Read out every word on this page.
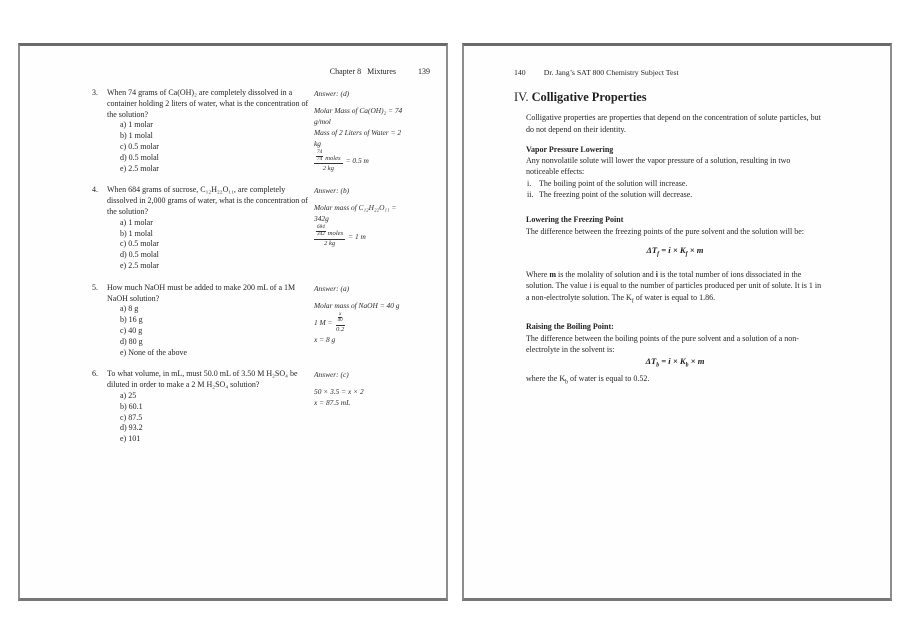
Chapter 8 Mixtures	139
3.	When 74 grams of Ca(OH)₂ are completely dissolved in a container holding 2 liters of water, what is the concentration of the solution?
a) 1 molar
b) 1 molal
c) 0.5 molar
d) 0.5 molal
e) 2.5 molar
Answer: (d)
Molar Mass of Ca(OH)₂ = 74
g/mol
Mass of 2 Liters of Water = 2
kg
74
74 moles
2 kg
= 0.5 m
4.	When 684 grams of sucrose, C₁₂H₂₂O₁₁, are completely dissolved in 2,000 grams of water, what is the concentration of the solution?
a) 1 molar
b) 1 molal
c) 0.5 molar
d) 0.5 molal
e) 2.5 molar
Answer: (b)
Molar mass of C₁₂H₂₂O₁₁ =
342g
684
342 moles
2 kg
= 1 m
5.	How much NaOH must be added to make 200 mL of a 1M NaOH solution?
a) 8 g
b) 16 g
c) 40 g
d) 80 g
e) None of the above
Answer: (a)
Molar mass of NaOH = 40 g
1 M = x
40
0.2
x = 8 g
6.	To what volume, in mL, must 50.0 mL of 3.50 M H₂SO₄ be diluted in order to make a 2 M H₂SO₄ solution?
a) 25
b) 60.1
c) 87.5
d) 93.2
e) 101
Answer: (c)
50 × 3.5 = x × 2
x = 87.5 mL
140 Dr. Jang’s SAT 800 Chemistry Subject Test
IV. Colligative Properties
Colligative properties are properties that depend on the concentration of solute particles, but do not depend on their identity.
Vapor Pressure Lowering
Any nonvolatile solute will lower the vapor pressure of a solution, resulting in two noticeable effects:
i. The boiling point of the solution will increase.
ii. The freezing point of the solution will decrease.
Lowering the Freezing Point
The difference between the freezing points of the pure solvent and the solution will be:
$\Delta T_f = i \times K_f \times m$
Where m is the molality of solution and i is the total number of ions dissociated in the solution. The value i is equal to the number of particles produced per unit of solute. It is 1 in a non-electrolyte solution. The $K_f$ of water is equal to 1.86.
Raising the Boiling Point:
The difference between the boiling points of the pure solvent and a solution of a non-electrolyte in the solvent is:
$\Delta T_b = i \times K_b \times m$
where the $K_b$ of water is equal to 0.52.
